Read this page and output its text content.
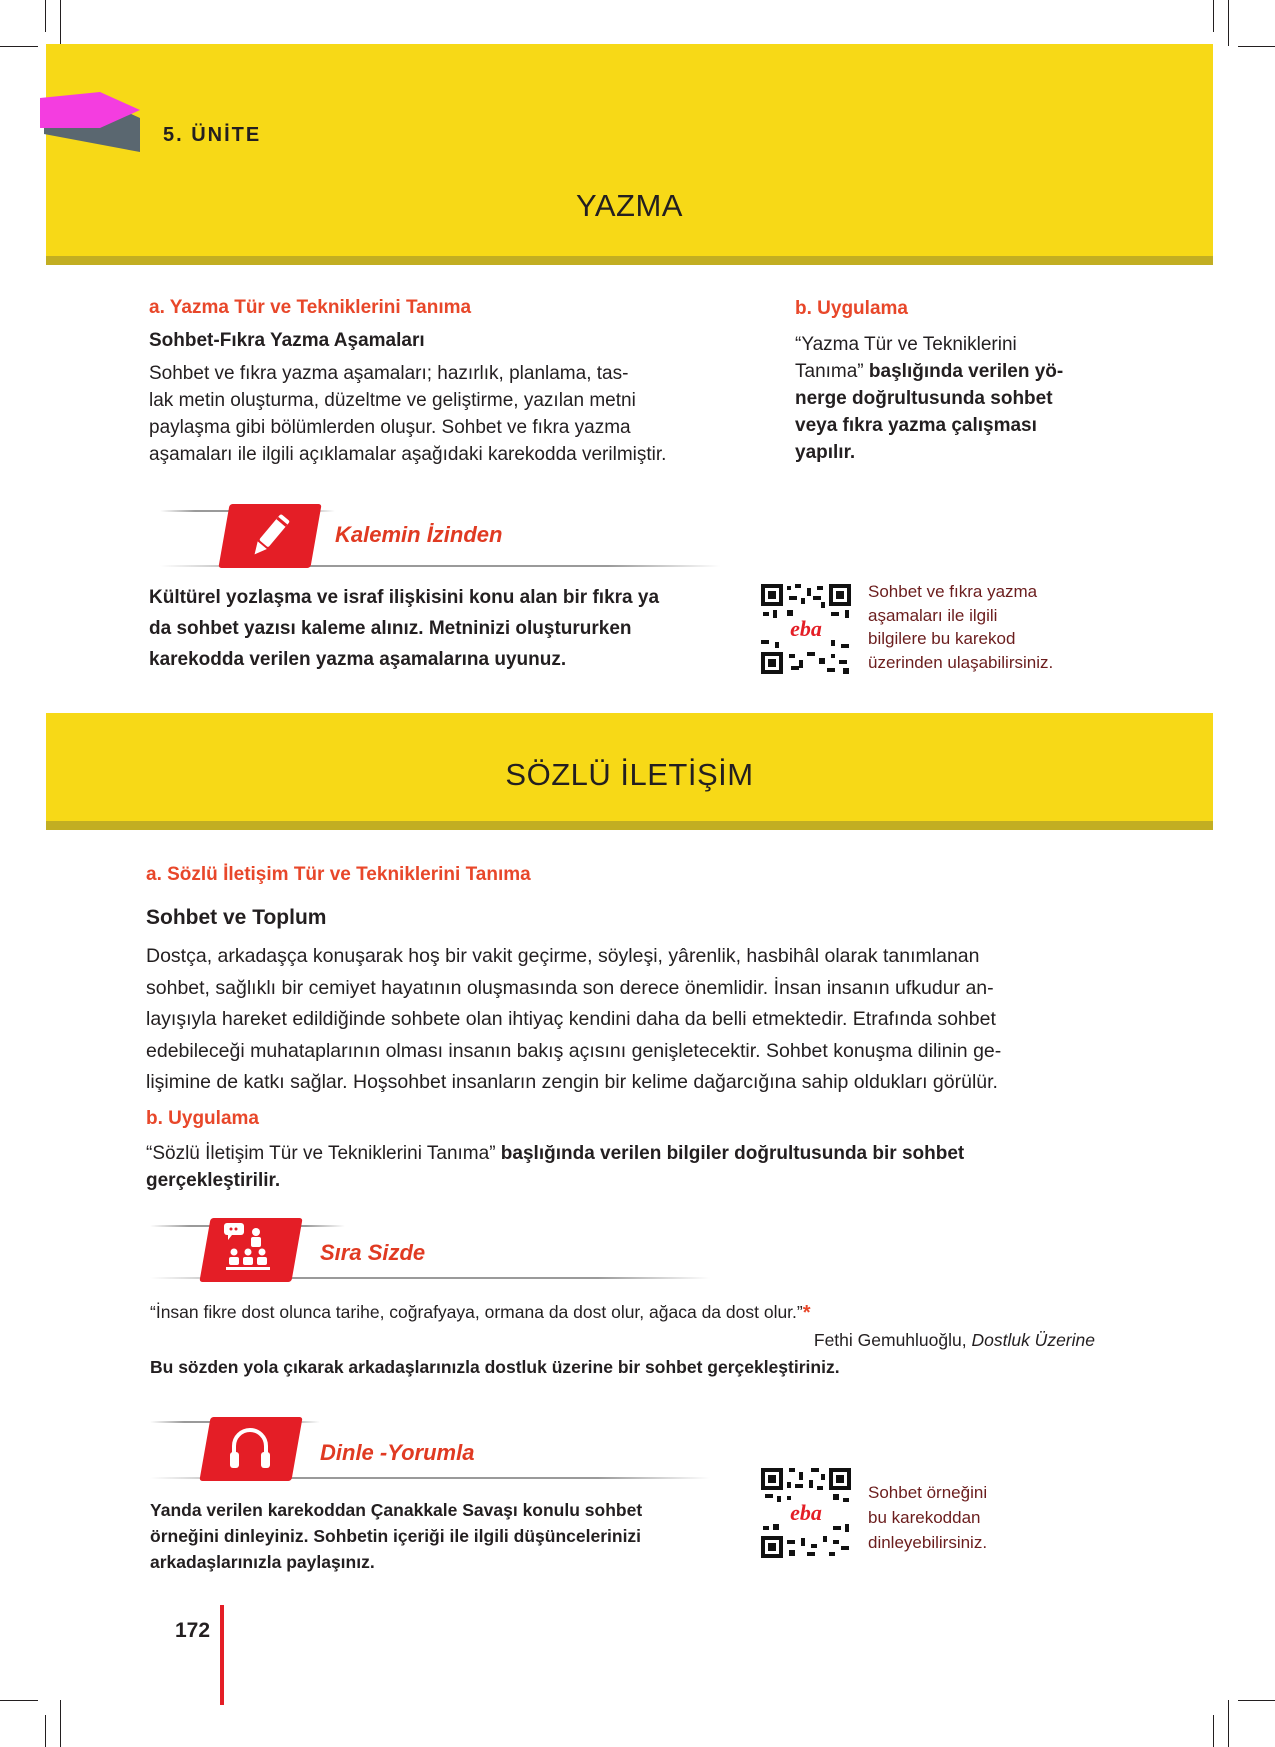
YAZMA
5. ÜNİTE
a. Yazma Tür ve Tekniklerini Tanıma
Sohbet-Fıkra Yazma Aşamaları

Sohbet ve fıkra yazma aşamaları; hazırlık, planlama, tas-

lak metin oluşturma, düzeltme ve geliştirme, yazılan metni

paylaşma gibi bölümlerden oluşur. Sohbet ve fıkra yazma

aşamaları ile ilgili açıklamalar aşağıdaki karekodda verilmiştir.

b. Uygulama

“Yazma Tür ve Tekniklerini

Tanıma” başlığında verilen yö-

nerge doğrultusunda sohbet

veya fıkra yazma çalışması

yapılır.

Kalemin İzinden

Kültürel yozlaşma ve israf ilişkisini konu alan bir fıkra ya

da sohbet yazısı kaleme alınız. Metninizi oluştururken

karekodda verilen yazma aşamalarına uyunuz.

eba

Sohbet ve fıkra yazma

aşamaları ile ilgili

bilgilere bu karekod

üzerinden ulaşabilirsiniz.

SÖZLÜ İLETİŞİM
a. Sözlü İletişim Tür ve Tekniklerini Tanıma
Sohbet ve Toplum

Dostça, arkadaşça konuşarak hoş bir vakit geçirme, söyleşi, yârenlik, hasbihâl olarak tanımlanan

sohbet, sağlıklı bir cemiyet hayatının oluşmasında son derece önemlidir. İnsan insanın ufkudur an-

layışıyla hareket edildiğinde sohbete olan ihtiyaç kendini daha da belli etmektedir. Etrafında sohbet

edebileceği muhataplarının olması insanın bakış açısını genişletecektir. Sohbet konuşma dilinin ge-

lişimine de katkı sağlar. Hoşsohbet insanların zengin bir kelime dağarcığına sahip oldukları görülür.

b. Uygulama

“Sözlü İletişim Tür ve Tekniklerini Tanıma” başlığında verilen bilgiler doğrultusunda bir sohbet

gerçekleştirilir.

Sıra Sizde
“İnsan fikre dost olunca tarihe, coğrafyaya, ormana da dost olur, ağaca da dost olur.”*
Fethi Gemuhluoğlu, Dostluk Üzerine
Bu sözden yola çıkarak arkadaşlarınızla dostluk üzerine bir sohbet gerçekleştiriniz.
Dinle -Yorumla

Yanda verilen karekoddan Çanakkale Savaşı konulu sohbet

örneğini dinleyiniz. Sohbetin içeriği ile ilgili düşüncelerinizi

arkadaşlarınızla paylaşınız.

eba

Sohbet örneğini

bu karekoddan

dinleyebilirsiniz.

172
